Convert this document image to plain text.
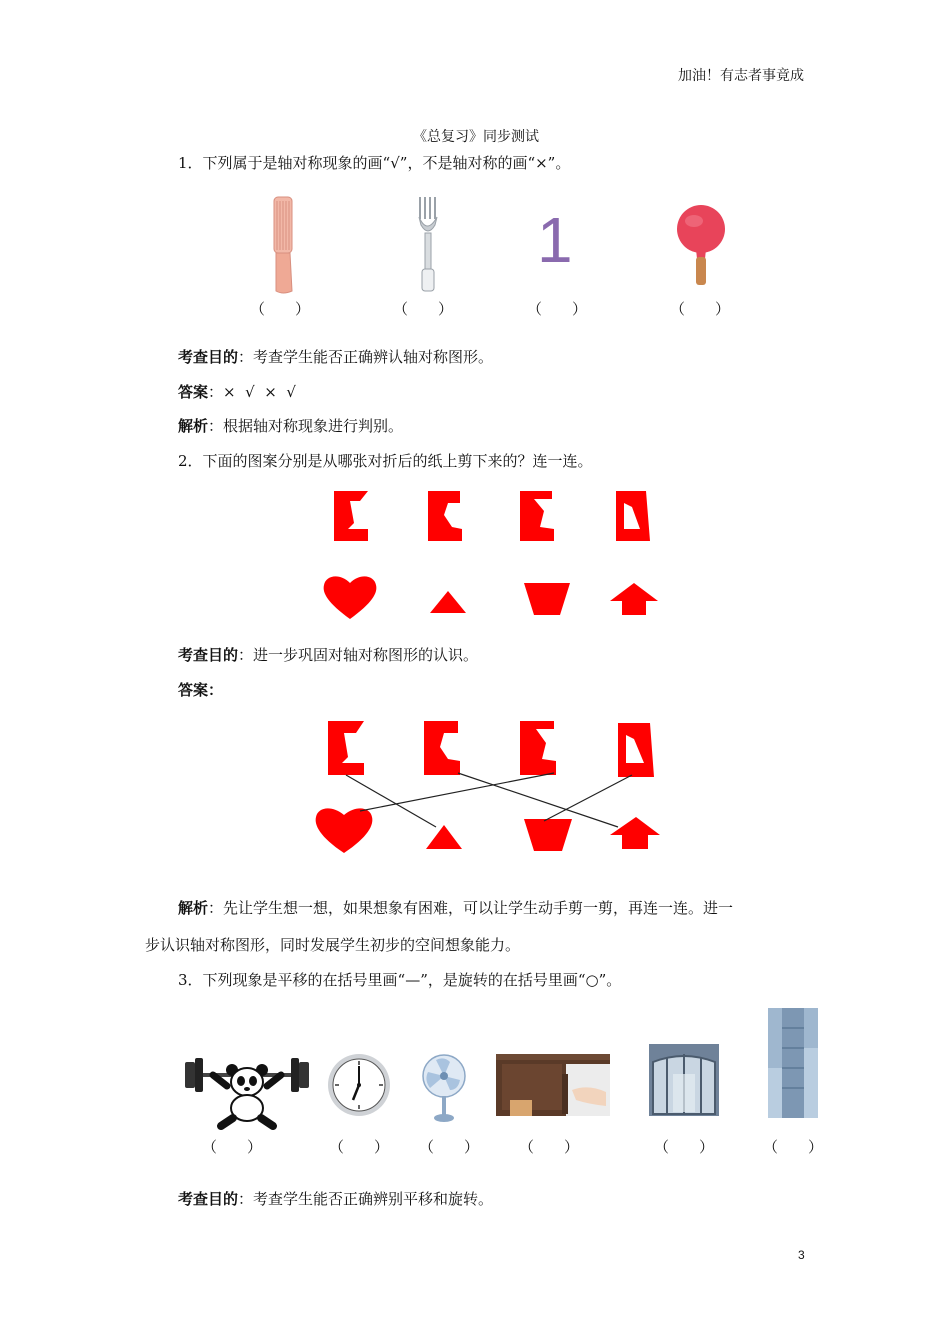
加油！有志者事竟成
《总复习》同步测试
1．下列属于是轴对称现象的画“√”，不是轴对称的画“×”。
1
（　　）	（　　）	（　　）	（　　）
考查目的：考查学生能否正确辨认轴对称图形。
答案：×  √  ×  √
解析：根据轴对称现象进行判别。
2．下面的图案分别是从哪张对折后的纸上剪下来的？连一连。
考查目的：进一步巩固对轴对称图形的认识。
答案：
解析：先让学生想一想，如果想象有困难，可以让学生动手剪一剪，再连一连。进一
步认识轴对称图形，同时发展学生初步的空间想象能力。
3．下列现象是平移的在括号里画“—”，是旋转的在括号里画“○”。
（　　）	（　　） （　　）	（　　）	（　　）	（　　）
考查目的：考查学生能否正确辨别平移和旋转。
3
